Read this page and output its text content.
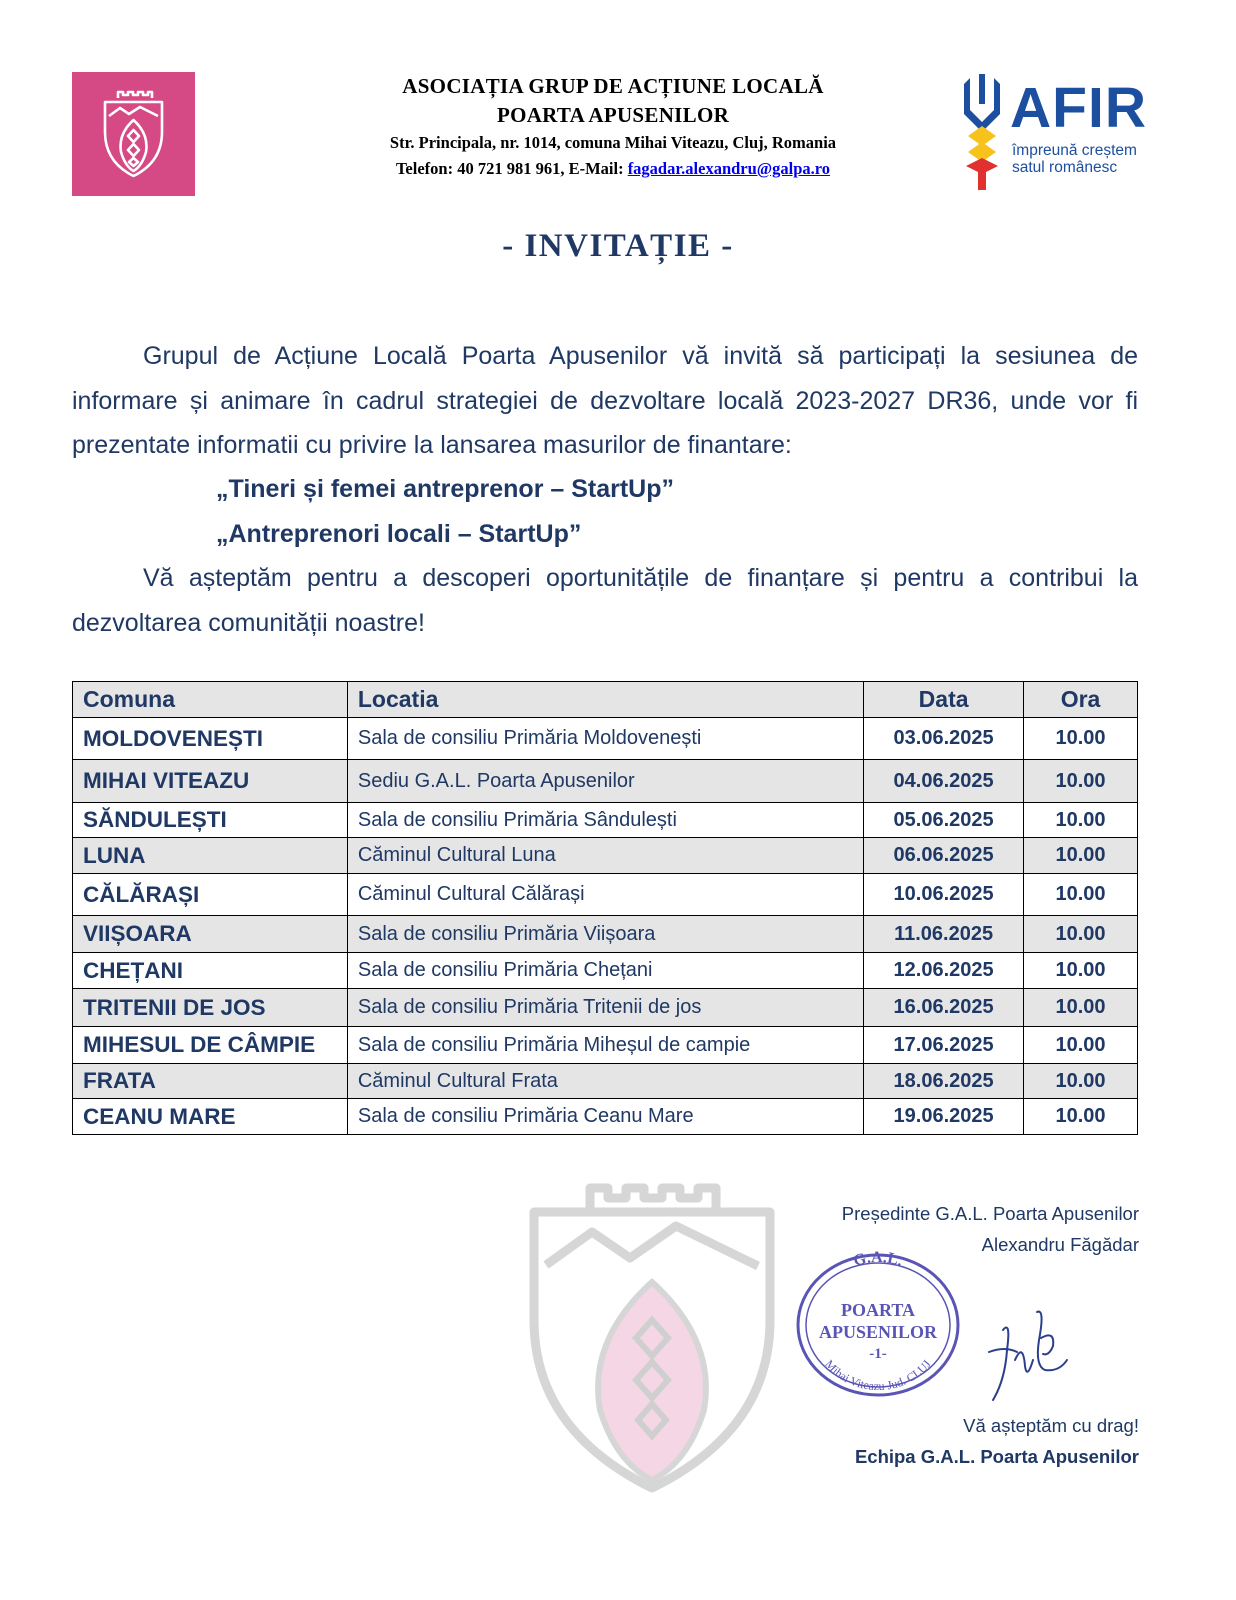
ASOCIAȚIA GRUP DE ACȚIUNE LOCALĂ
POARTA APUSENILOR
Str. Principala, nr. 1014, comuna Mihai Viteazu, Cluj, Romania
Telefon: 40 721 981 961, E-Mail: fagadar.alexandru@galpa.ro
AFIR
împreună creștem
satul românesc
- INVITAȚIE -
Grupul de Acțiune Locală Poarta Apusenilor vă invită să participați la sesiunea de informare și animare în cadrul strategiei de dezvoltare locală 2023-2027 DR36, unde vor fi prezentate informatii cu privire la lansarea masurilor de finantare:
„Tineri și femei antreprenor – StartUp”
„Antreprenori locali – StartUp”
Vă așteptăm pentru a descoperi oportunitățile de finanțare și pentru a contribui la dezvoltarea comunității noastre!
Comuna	Locatia	Data	Ora
MOLDOVENEȘTI	Sala de consiliu Primăria Moldovenești	03.06.2025	10.00
MIHAI VITEAZU	Sediu G.A.L. Poarta Apusenilor	04.06.2025	10.00
SĂNDULEȘTI	Sala de consiliu Primăria Sândulești	05.06.2025	10.00
LUNA	Căminul Cultural Luna	06.06.2025	10.00
CĂLĂRAȘI	Căminul Cultural Călărași	10.06.2025	10.00
VIIȘOARA	Sala de consiliu Primăria Viișoara	11.06.2025	10.00
CHEȚANI	Sala de consiliu Primăria Chețani	12.06.2025	10.00
TRITENII DE JOS	Sala de consiliu Primăria Tritenii de jos	16.06.2025	10.00
MIHESUL DE CÂMPIE	Sala de consiliu Primăria Miheșul de campie	17.06.2025	10.00
FRATA	Căminul Cultural Frata	18.06.2025	10.00
CEANU MARE	Sala de consiliu Primăria Ceanu Mare	19.06.2025	10.00
Președinte G.A.L. Poarta Apusenilor
Alexandru Făgădar
G.A.L.
POARTA
APUSENILOR
-1-
Mihai Viteazu Jud. CLUJ
Vă așteptăm cu drag!
Echipa G.A.L. Poarta Apusenilor
